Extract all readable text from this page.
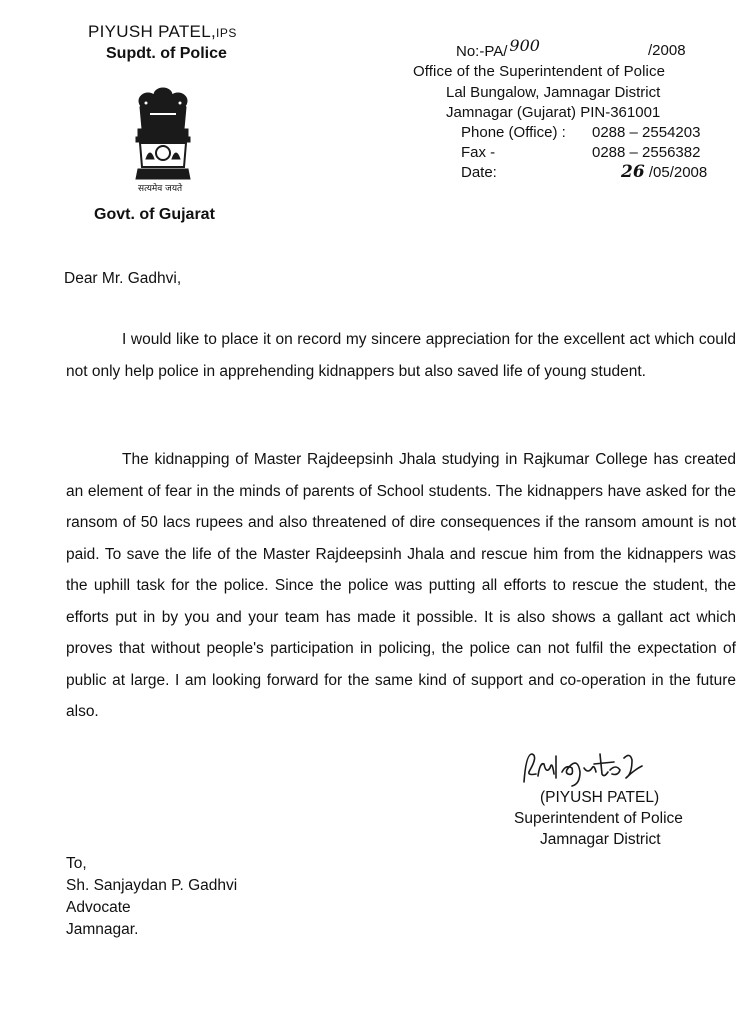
PIYUSH PATEL,IPS
Supdt. of Police
सत्यमेव जयते
Govt. of Gujarat
No:-PA/ 900	/2008
Office of the Superintendent of Police
Lal Bungalow, Jamnagar District
Jamnagar (Gujarat) PIN-361001
Phone (Office) : 0288 – 2554203
Fax -	0288 – 2556382
Date:	26 /05/2008
Dear Mr. Gadhvi,
I would like to place it on record my sincere appreciation for the excellent act which could not only help police in apprehending kidnappers but also saved life of young student.
The kidnapping of Master Rajdeepsinh Jhala studying in Rajkumar College has created an element of fear in the minds of parents of School students. The kidnappers have asked for the ransom of 50 lacs rupees and also threatened of dire consequences if the ransom amount is not paid. To save the life of the Master Rajdeepsinh Jhala and rescue him from the kidnappers was the uphill task for the police. Since the police was putting all efforts to rescue the student, the efforts put in by you and your team has made it possible. It is also shows a gallant act which proves that without people's participation in policing, the police can not fulfil the expectation of public at large. I am looking forward for the same kind of support and co-operation in the future also.
(PIYUSH PATEL)
Superintendent of Police
Jamnagar District
To,
Sh. Sanjaydan P. Gadhvi
Advocate
Jamnagar.
